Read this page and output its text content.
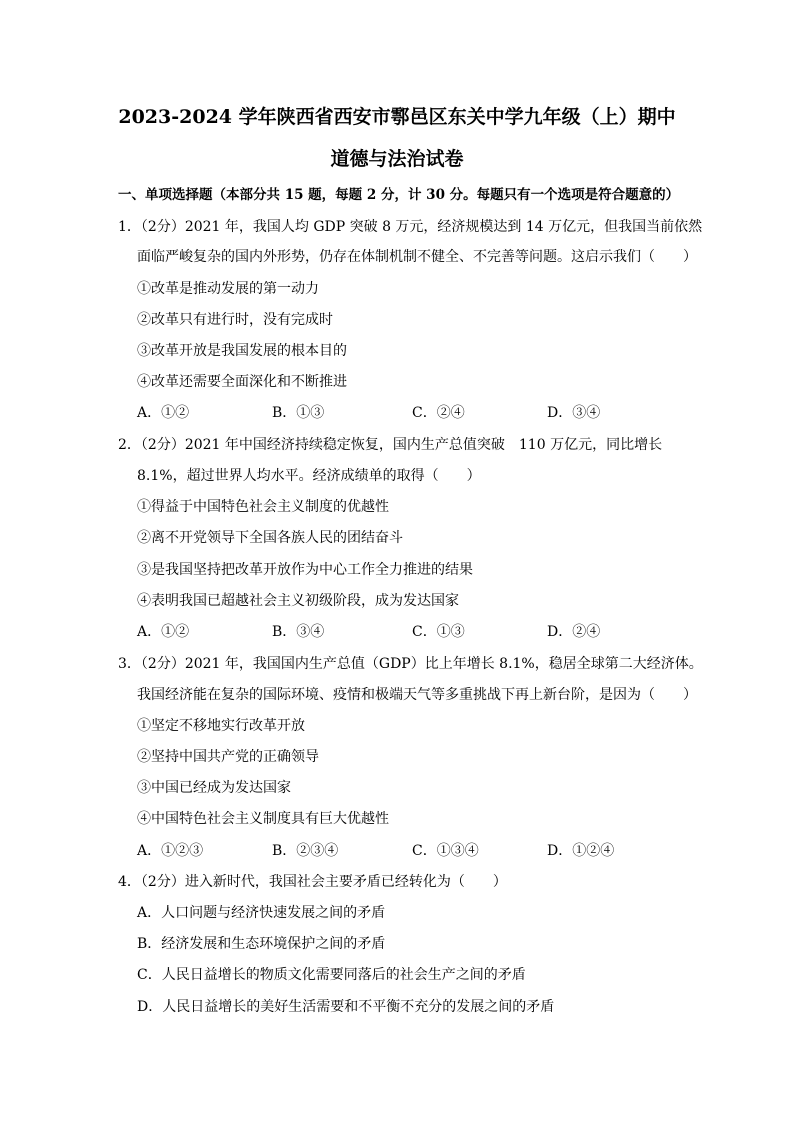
2023-2024 学年陕西省西安市鄠邑区东关中学九年级（上）期中
道德与法治试卷

一、单项选择题（本部分共 15 题，每题 2 分，计 30 分。每题只有一个选项是符合题意的）

1．（2分）2021 年，我国人均 GDP 突破 8 万元，经济规模达到 14 万亿元，但我国当前依然

面临严峻复杂的国内外形势，仍存在体制机制不健全、不完善等问题。这启示我们（　　）

①改革是推动发展的第一动力

②改革只有进行时，没有完成时

③改革开放是我国发展的根本目的

④改革还需要全面深化和不断推进

A．①②	B．①③	C．②④	D．③④

2．（2分）2021 年中国经济持续稳定恢复，国内生产总值突破　110 万亿元，同比增长

8.1%，超过世界人均水平。经济成绩单的取得（　　）

①得益于中国特色社会主义制度的优越性

②离不开党领导下全国各族人民的团结奋斗

③是我国坚持把改革开放作为中心工作全力推进的结果

④表明我国已超越社会主义初级阶段，成为发达国家

A．①②	B．③④	C．①③	D．②④

3．（2分）2021 年，我国国内生产总值（GDP）比上年增长 8.1%，稳居全球第二大经济体。

我国经济能在复杂的国际环境、疫情和极端天气等多重挑战下再上新台阶，是因为（　　）

①坚定不移地实行改革开放

②坚持中国共产党的正确领导

③中国已经成为发达国家

④中国特色社会主义制度具有巨大优越性

A．①②③	B．②③④	C．①③④	D．①②④

4．（2分）进入新时代，我国社会主要矛盾已经转化为（　　）

A．人口问题与经济快速发展之间的矛盾

B．经济发展和生态环境保护之间的矛盾

C．人民日益增长的物质文化需要同落后的社会生产之间的矛盾

D．人民日益增长的美好生活需要和不平衡不充分的发展之间的矛盾
